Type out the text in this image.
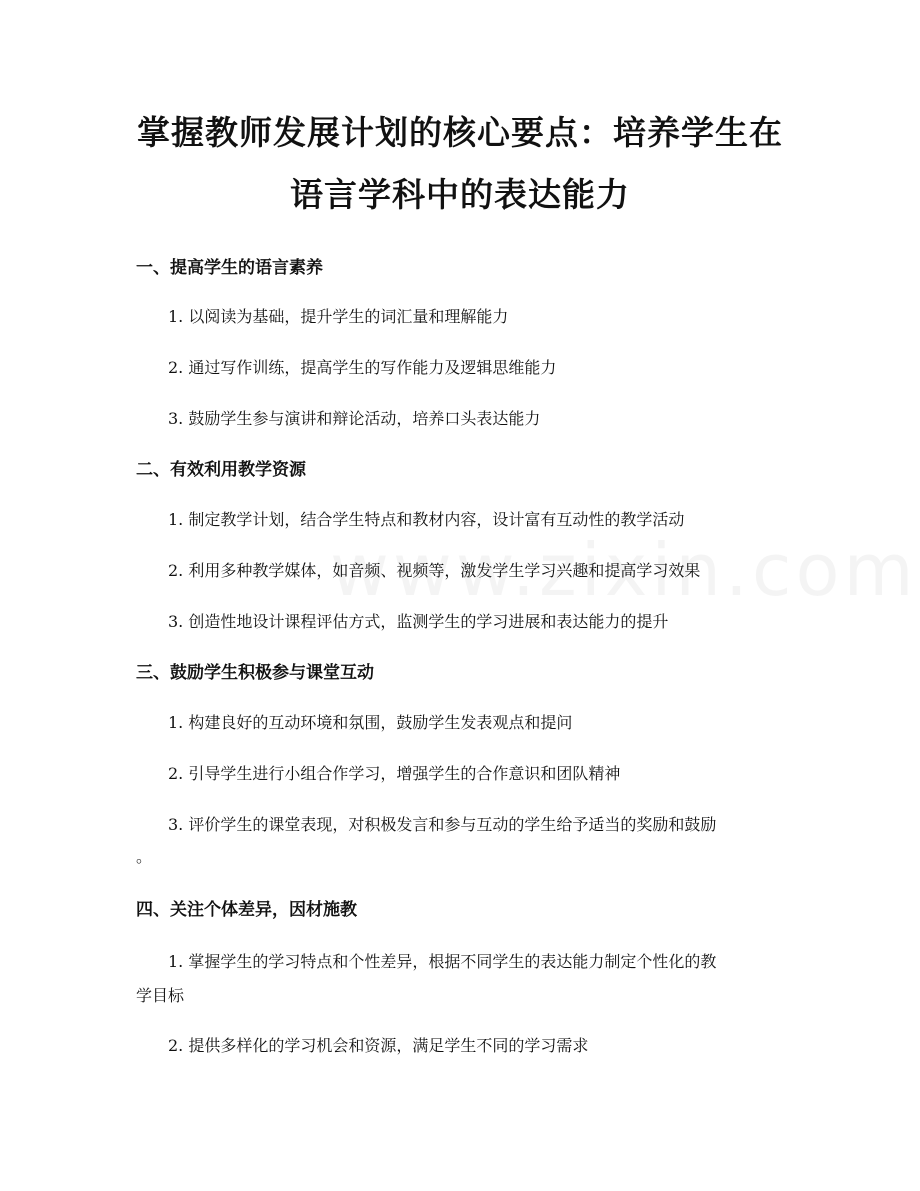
掌握教师发展计划的核心要点：培养学生在
语言学科中的表达能力
一、提高学生的语言素养

1. 以阅读为基础，提升学生的词汇量和理解能力

2. 通过写作训练，提高学生的写作能力及逻辑思维能力

3. 鼓励学生参与演讲和辩论活动，培养口头表达能力

二、有效利用教学资源

1. 制定教学计划，结合学生特点和教材内容，设计富有互动性的教学活动

2. 利用多种教学媒体，如音频、视频等，激发学生学习兴趣和提高学习效果

3. 创造性地设计课程评估方式，监测学生的学习进展和表达能力的提升

三、鼓励学生积极参与课堂互动

1. 构建良好的互动环境和氛围，鼓励学生发表观点和提问

2. 引导学生进行小组合作学习，增强学生的合作意识和团队精神

3. 评价学生的课堂表现，对积极发言和参与互动的学生给予适当的奖励和鼓励

。

四、关注个体差异，因材施教

1. 掌握学生的学习特点和个性差异，根据不同学生的表达能力制定个性化的教

学目标

2. 提供多样化的学习机会和资源，满足学生不同的学习需求
